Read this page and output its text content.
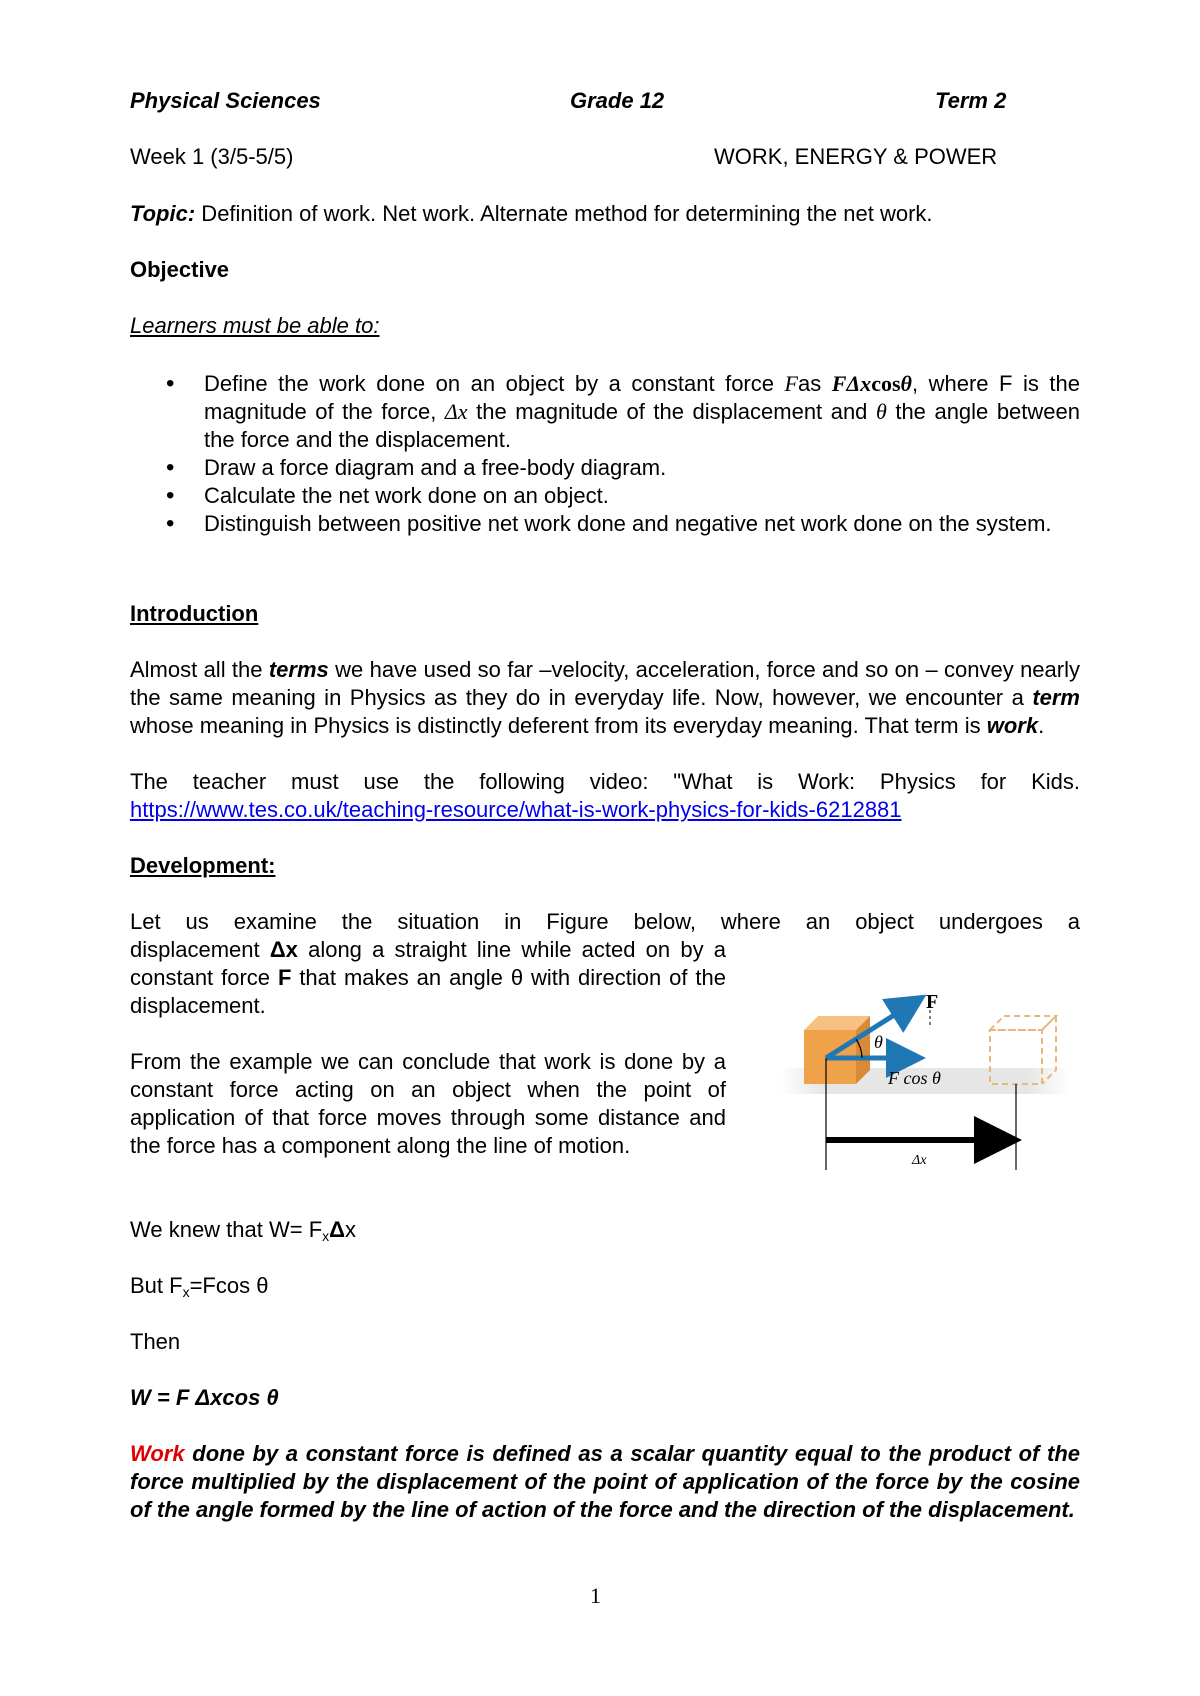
Physical Sciences	Grade 12	Term 2
Week 1 (3/5-5/5)	WORK, ENERGY & POWER
Topic: Definition of work. Net work. Alternate method for determining the net work.
Objective
Learners must be able to:
• Define the work done on an object by a constant force Fas FΔxcosθ, where F is the magnitude of the force, Δx the magnitude of the displacement and θ the angle between the force and the displacement.
• Draw a force diagram and a free-body diagram.
• Calculate the net work done on an object.
• Distinguish between positive net work done and negative net work done on the system.
Introduction

Almost all the terms we have used so far –velocity, acceleration, force and so on – convey nearly the same meaning in Physics as they do in everyday life. Now, however, we encounter a term whose meaning in Physics is distinctly deferent from its everyday meaning. That term is work.

The teacher must use the following video: "What is Work: Physics for Kids.

https://www.tes.co.uk/teaching-resource/what-is-work-physics-for-kids-6212881
Development:

Let us examine the situation in Figure below, where an object undergoes a

displacement Δx along a straight line while acted on by a constant force F that makes an angle θ with direction of the displacement.

From the example we can conclude that work is done by a constant force acting on an object when the point of application of that force moves through some distance and the force has a component along the line of motion.

F
θ
F cos θ
Δx
We knew that $W= F_x\Delta x$
But $F_x=Fcos$ θ
Then
W = F Δxcos θ

Work done by a constant force is defined as a scalar quantity equal to the product of the force multiplied by the displacement of the point of application of the force by the cosine of the angle formed by the line of action of the force and the direction of the displacement.

1
